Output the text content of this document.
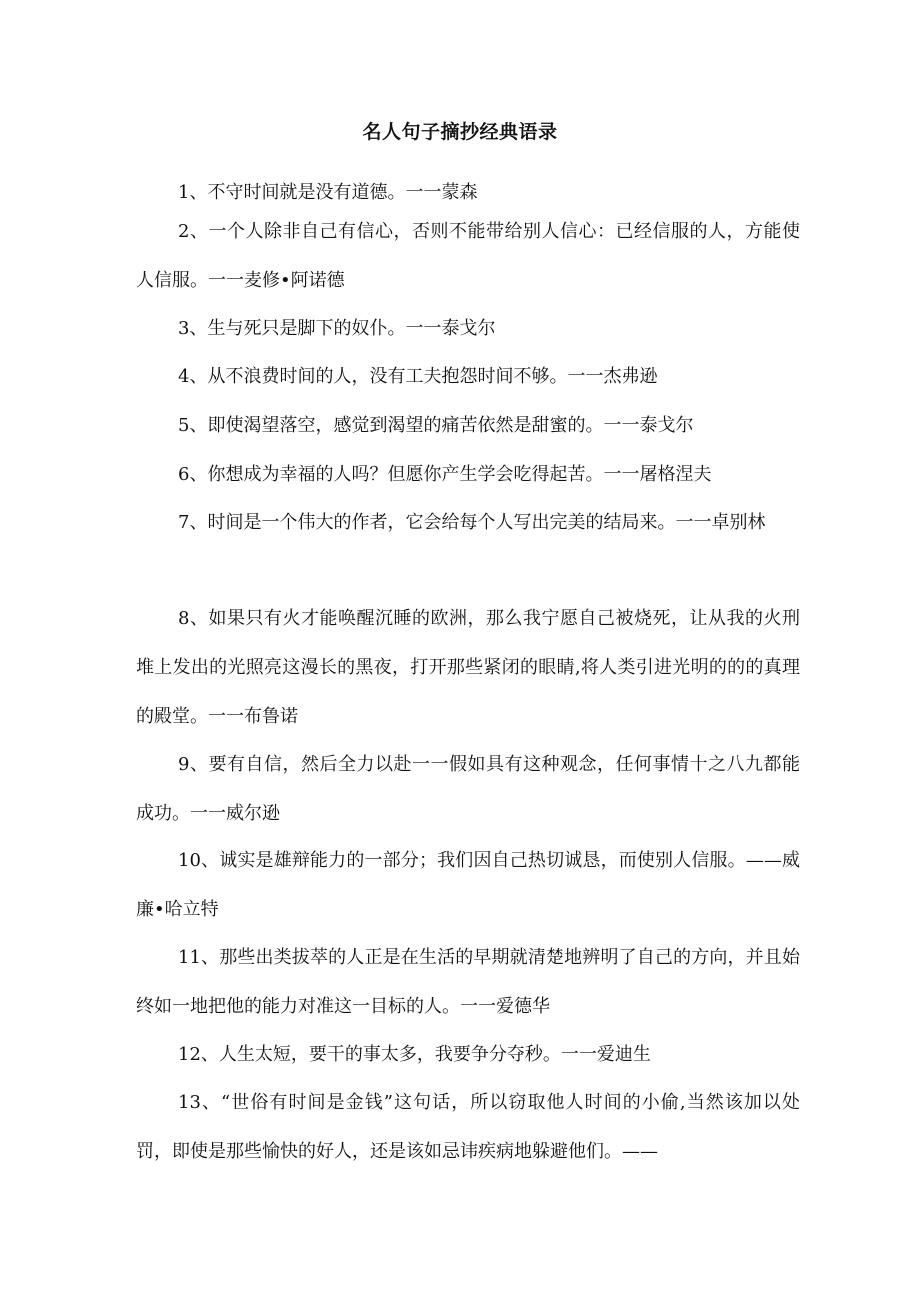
名人句子摘抄经典语录

1、不守时间就是没有道德。一一蒙森

2、一个人除非自己有信心，否则不能带给别人信心：已经信服的人，方能使人信服。一一麦修•阿诺德

3、生与死只是脚下的奴仆。一一泰戈尔

4、从不浪费时间的人，没有工夫抱怨时间不够。一一杰弗逊

5、即使渴望落空，感觉到渴望的痛苦依然是甜蜜的。一一泰戈尔

6、你想成为幸福的人吗？但愿你产生学会吃得起苦。一一屠格涅夫

7、时间是一个伟大的作者，它会给每个人写出完美的结局来。一一卓别林

8、如果只有火才能唤醒沉睡的欧洲，那么我宁愿自己被烧死，让从我的火刑堆上发出的光照亮这漫长的黑夜，打开那些紧闭的眼睛,将人类引进光明的的的真理的殿堂。一一布鲁诺

9、要有自信，然后全力以赴一一假如具有这种观念，任何事情十之八九都能成功。一一威尔逊

10、诚实是雄辩能力的一部分；我们因自己热切诚恳，而使别人信服。——威廉•哈立特

11、那些出类拔萃的人正是在生活的早期就清楚地辨明了自己的方向，并且始终如一地把他的能力对准这一目标的人。一一爱德华

12、人生太短，要干的事太多，我要争分夺秒。一一爱迪生

13、“世俗有时间是金钱”这句话，所以窃取他人时间的小偷,当然该加以处罚，即使是那些愉快的好人，还是该如忌讳疾病地躲避他们。——
